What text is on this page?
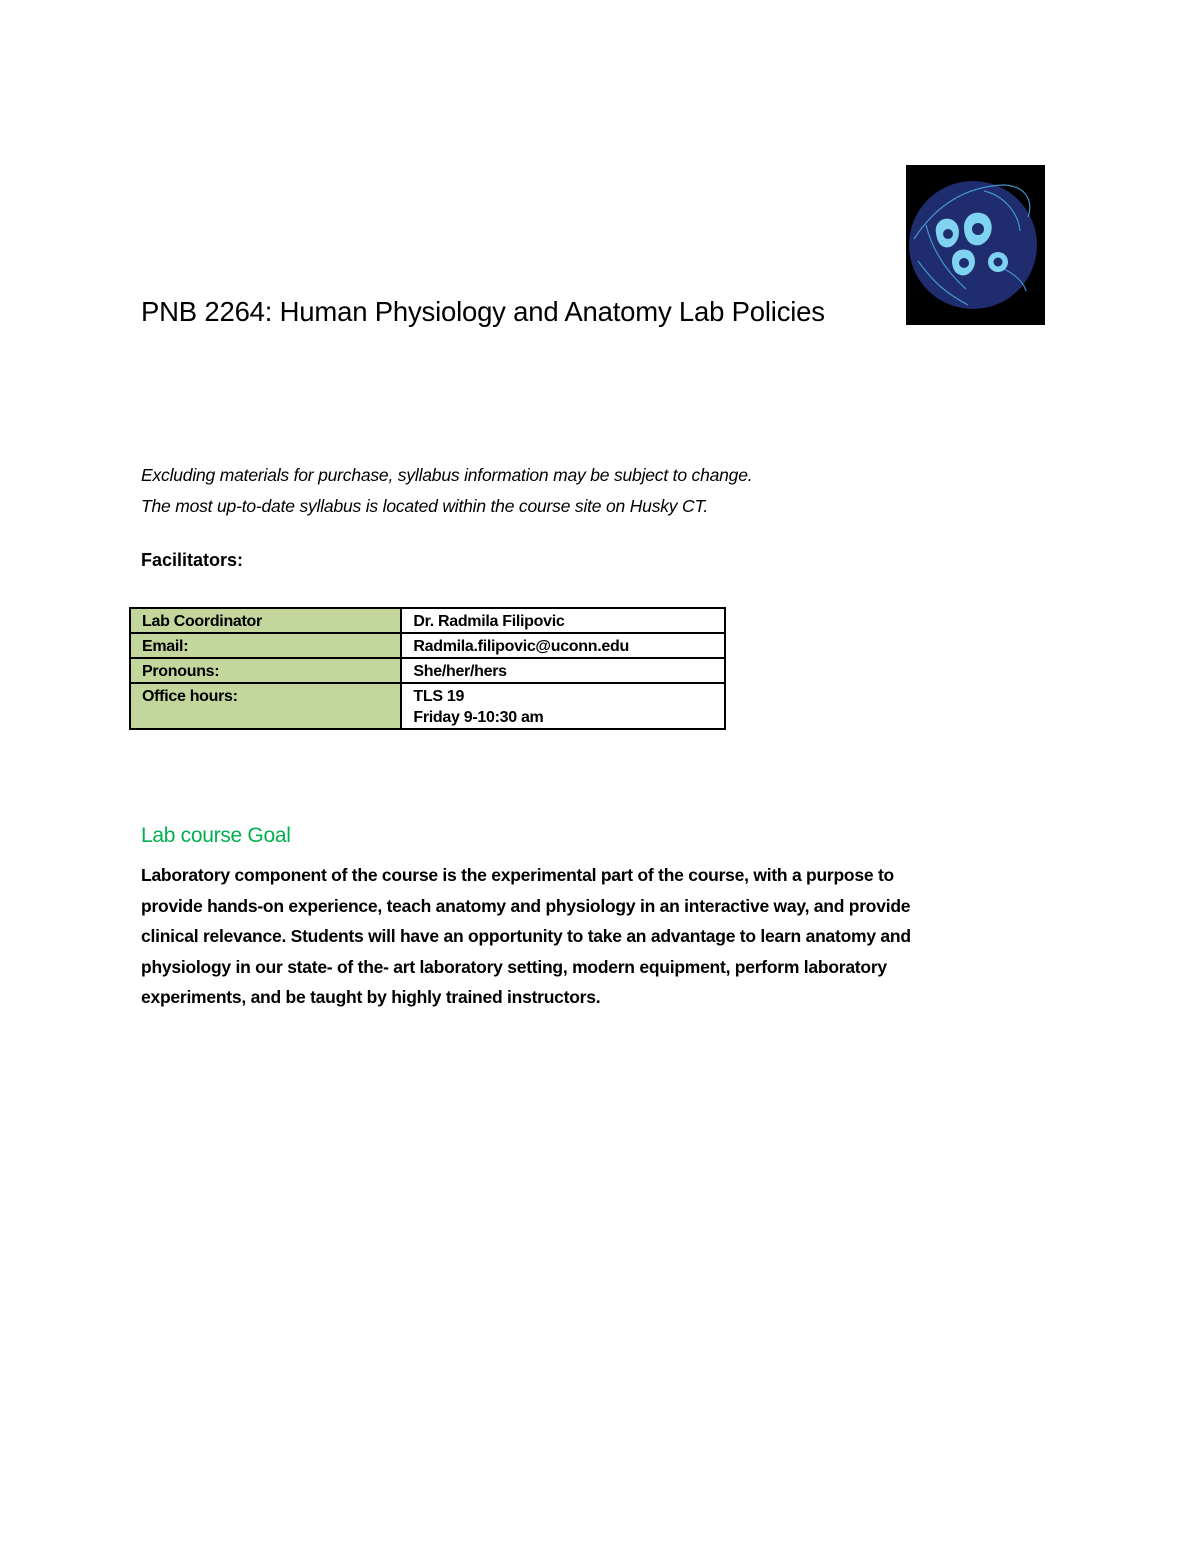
PNB 2264: Human Physiology and Anatomy Lab Policies
Excluding materials for purchase, syllabus information may be subject to change.
The most up-to-date syllabus is located within the course site on Husky CT.
Facilitators:
Lab Coordinator	Dr. Radmila Filipovic
Email:	Radmila.filipovic@uconn.edu
Pronouns:	She/her/hers
Office hours:	TLS 19
Friday 9-10:30 am
Lab course Goal

Laboratory component of the course is the experimental part of the course, with a purpose to
provide hands-on experience, teach anatomy and physiology in an interactive way, and provide
clinical relevance. Students will have an opportunity to take an advantage to learn anatomy and
physiology in our state- of the- art laboratory setting, modern equipment, perform laboratory
experiments, and be taught by highly trained instructors.
